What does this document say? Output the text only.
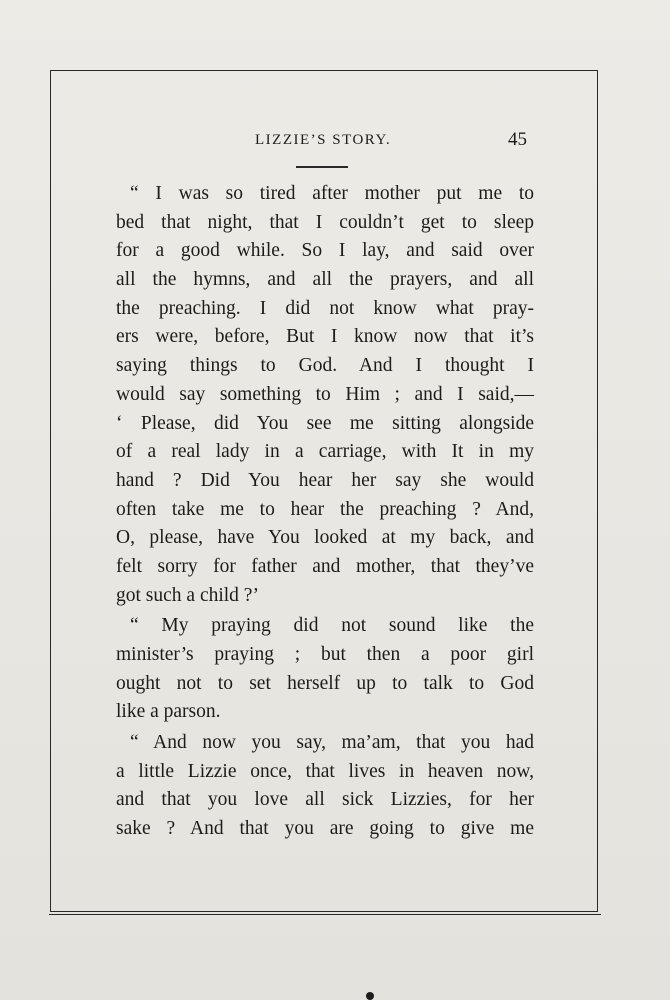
LIZZIE’S STORY.	45
“ I was so tired after mother put me to
bed that night, that I couldn’t get to sleep
for a good while. So I lay, and said over
all the hymns, and all the prayers, and all
the preaching. I did not know what pray-
ers were, before, But I know now that it’s
saying things to God. And I thought I
would say something to Him ; and I said,—
‘ Please, did You see me sitting alongside
of a real lady in a carriage, with It in my
hand ? Did You hear her say she would
often take me to hear the preaching ? And,
O, please, have You looked at my back, and
felt sorry for father and mother, that they’ve
got such a child ?’
“ My praying did not sound like the
minister’s praying ; but then a poor girl
ought not to set herself up to talk to God
like a parson.
“ And now you say, ma’am, that you had
a little Lizzie once, that lives in heaven now,
and that you love all sick Lizzies, for her
sake ? And that you are going to give me
